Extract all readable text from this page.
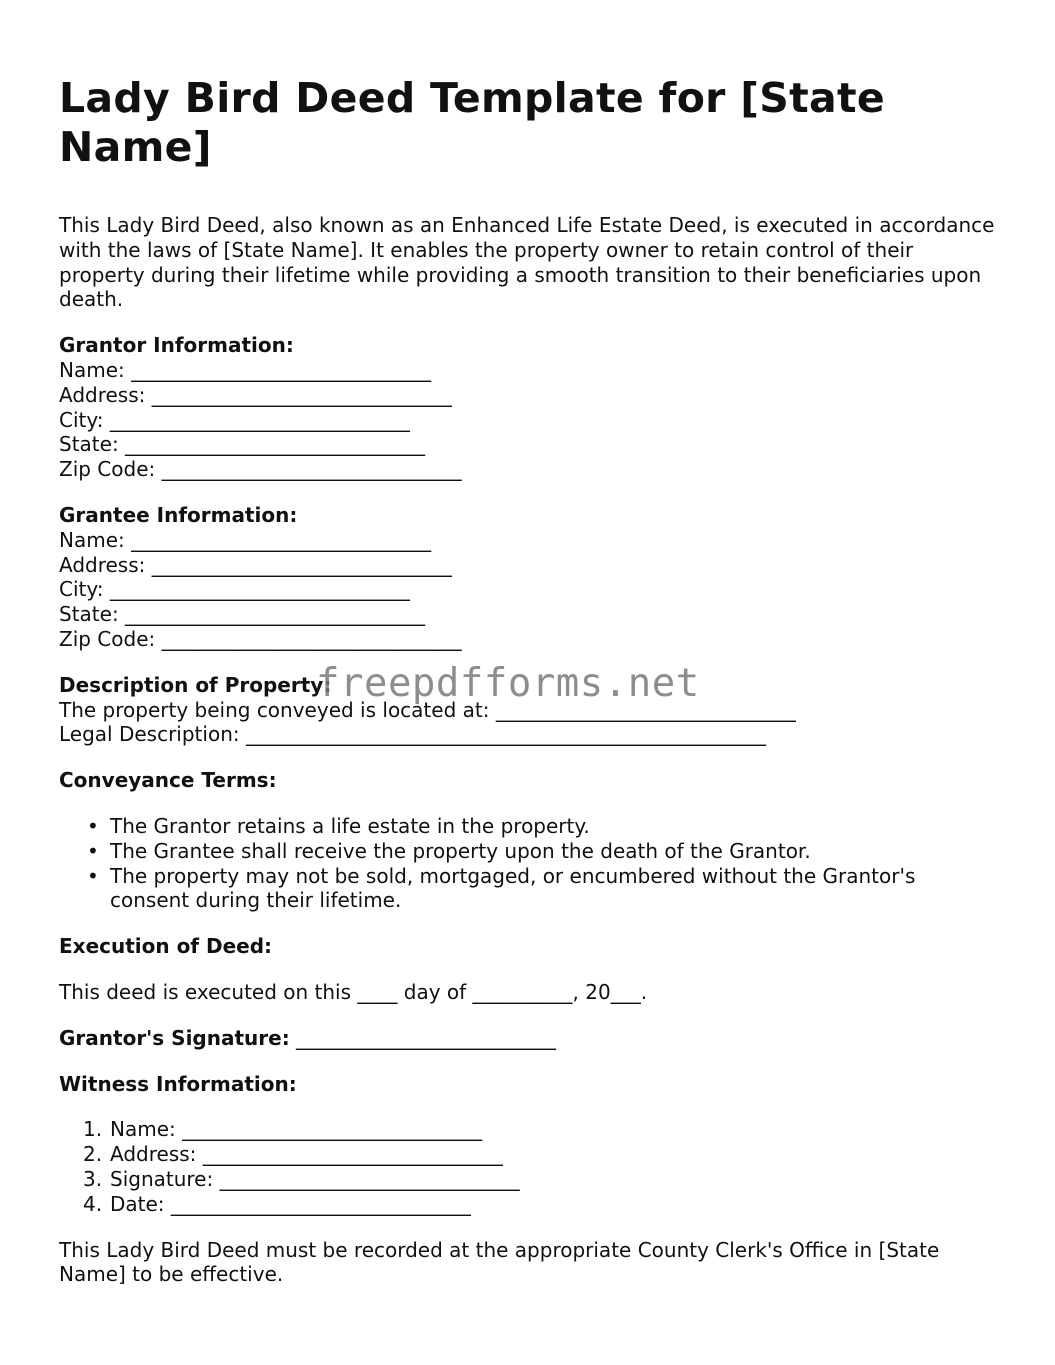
Lady Bird Deed Template for [State Name]

This Lady Bird Deed, also known as an Enhanced Life Estate Deed, is executed in accordance with the laws of [State Name]. It enables the property owner to retain control of their property during their lifetime while providing a smooth transition to their beneficiaries upon death.

Grantor Information:
Name: ______________________________
Address: ______________________________
City: ______________________________
State: ______________________________
Zip Code: ______________________________
Grantee Information:
Name: ______________________________
Address: ______________________________
City: ______________________________
State: ______________________________
Zip Code: ______________________________
Description of Property:
The property being conveyed is located at: ______________________________
Legal Description: ____________________________________________________
Conveyance Terms:
• The Grantor retains a life estate in the property.
• The Grantee shall receive the property upon the death of the Grantor.
• The property may not be sold, mortgaged, or encumbered without the Grantor's consent during their lifetime.
Execution of Deed:
This deed is executed on this ____ day of __________, 20___.
Grantor's Signature: __________________________
Witness Information:
1. Name: ______________________________
2. Address: ______________________________
3. Signature: ______________________________
4. Date: ______________________________

This Lady Bird Deed must be recorded at the appropriate County Clerk's Office in [State Name] to be effective.

freepdfforms.net
